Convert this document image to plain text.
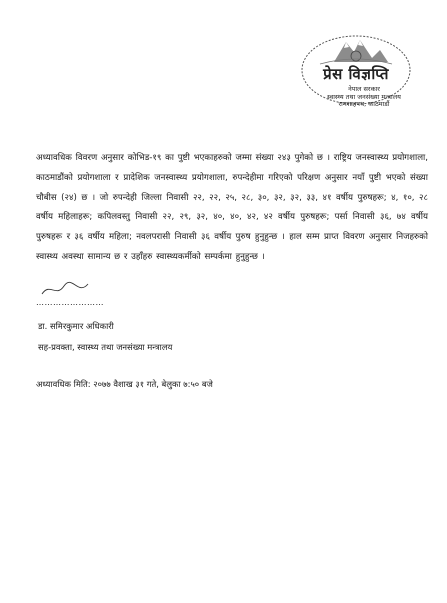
प्रेस विज्ञप्ति
नेपाल सरकार
स्वास्थ्य तथा जनसंख्या मन्त्रालय
रामशाहपथ, काठमाडौं
अध्यावधिक विवरण अनुसार कोभिड-१९ का पुष्टी भएकाहरुको जम्मा संख्या २४३ पुगेको छ । राष्ट्रिय जनस्वास्थ्य प्रयोगशाला, काठमाडौंको प्रयोगशाला र प्रादेशिक जनस्वास्थ्य प्रयोगशाला, रुपन्देहीमा गरिएको परिक्षण अनुसार नयाँ पुष्टी भएको संख्या चौबीस (२४) छ । जो रुपन्देही जिल्ला निवासी २२, २२, २५, २८, ३०, ३२, ३२, ३३, ४१ वर्षीय पुरुषहरू; ४, १०, २८ वर्षीय महिलाहरू; कपिलवस्तु निवासी २२, २९, ३२, ४०, ४०, ४२, ४२ वर्षीय पुरुषहरू; पर्सा निवासी ३६, ७४ वर्षीय पुरुषहरू र ३६ वर्षीय महिला; नवलपरासी निवासी ३६ वर्षीय पुरुष हुनुहुन्छ । हाल सम्म प्राप्त विवरण अनुसार निजहरुको स्वास्थ्य अवस्था सामान्य छ र उहाँहरु स्वास्थ्यकर्मीको सम्पर्कमा हुनुहुन्छ ।
……………………
डा. समिरकुमार अधिकारी
सह-प्रवक्ता, स्वास्थ्य तथा जनसंख्या मन्त्रालय
अध्यावधिक मिति: २०७७ वैशाख ३१ गते, बेलुका ७:५० बजे
